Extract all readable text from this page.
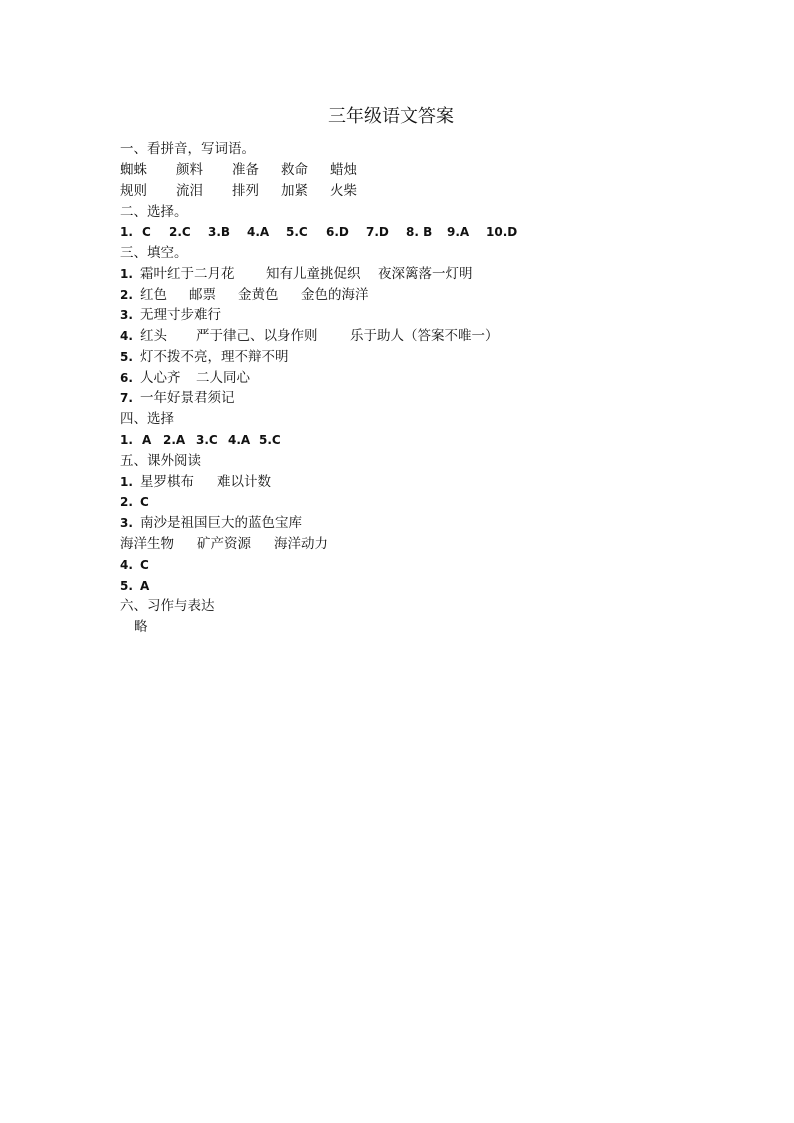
三年级语文答案
一、看拼音，写词语。
蜘蛛 颜料 准备 救命 蜡烛
规则 流泪 排列 加紧 火柴
二、选择。
1. C 2.C 3.B 4.A 5.C 6.D 7.D 8. B 9.A 10.D
三、填空。
1. 霜叶红于二月花 知有儿童挑促织 夜深篱落一灯明
2. 红色 邮票 金黄色 金色的海洋
3. 无理寸步难行
4. 红头 严于律己、以身作则 乐于助人（答案不唯一）
5. 灯不拨不亮，理不辩不明
6. 人心齐 二人同心
7. 一年好景君须记
四、选择
1. A 2.A 3.C 4.A 5.C
五、课外阅读
1. 星罗棋布 难以计数
2. C
3. 南沙是祖国巨大的蓝色宝库
海洋生物 矿产资源 海洋动力
4. C
5. A
六、习作与表达
略
